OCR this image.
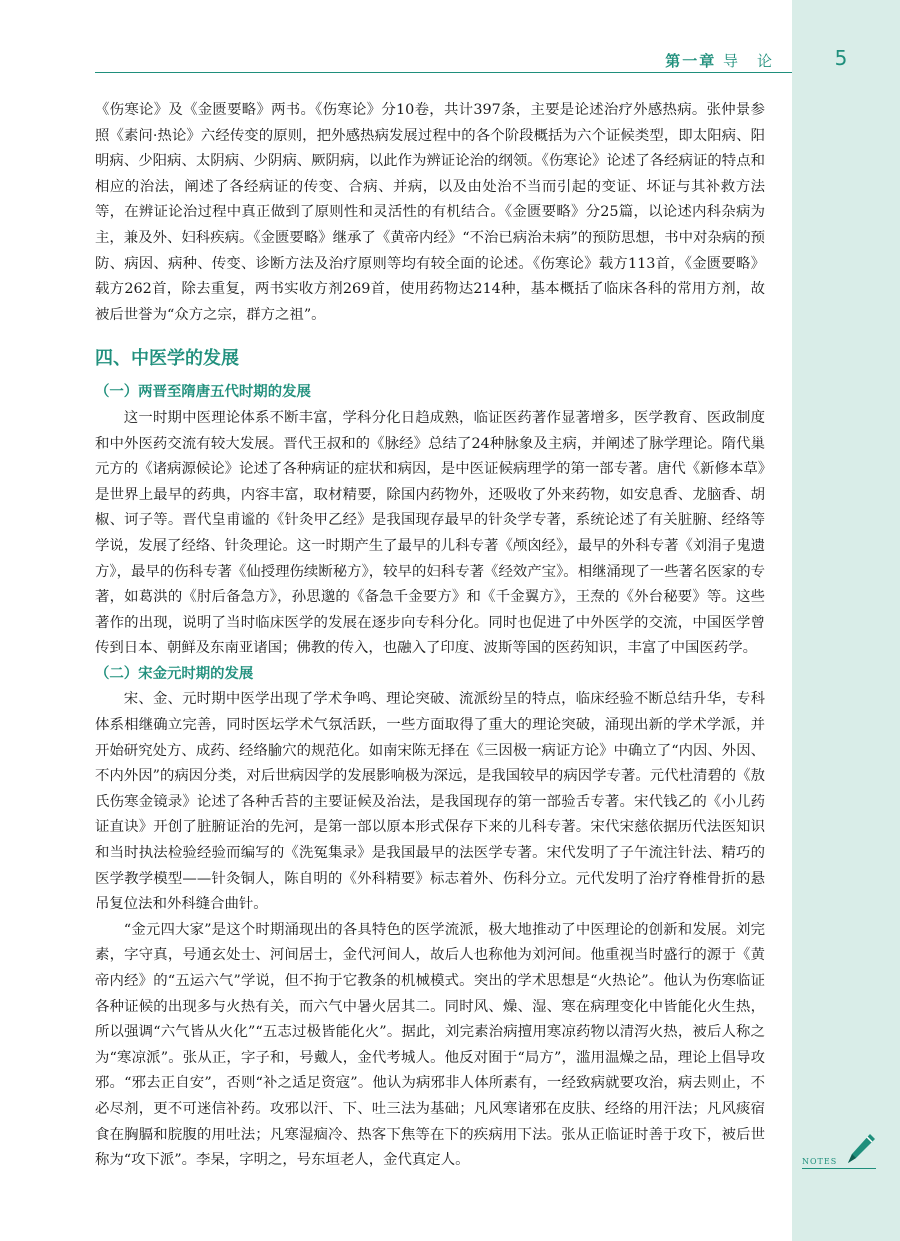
第一章 导　论	5

《伤寒论》及《金匮要略》两书。《伤寒论》分10卷，共计397条，主要是论述治疗外感热病。张仲景参照《素问·热论》六经传变的原则，把外感热病发展过程中的各个阶段概括为六个证候类型，即太阳病、阳明病、少阳病、太阴病、少阴病、厥阴病，以此作为辨证论治的纲领。《伤寒论》论述了各经病证的特点和相应的治法，阐述了各经病证的传变、合病、并病，以及由处治不当而引起的变证、坏证与其补救方法等，在辨证论治过程中真正做到了原则性和灵活性的有机结合。《金匮要略》分25篇，以论述内科杂病为主，兼及外、妇科疾病。《金匮要略》继承了《黄帝内经》“不治已病治未病”的预防思想，书中对杂病的预防、病因、病种、传变、诊断方法及治疗原则等均有较全面的论述。《伤寒论》载方113首，《金匮要略》载方262首，除去重复，两书实收方剂269首，使用药物达214种，基本概括了临床各科的常用方剂，故被后世誉为“众方之宗，群方之祖”。

四、中医学的发展
（一）两晋至隋唐五代时期的发展

这一时期中医理论体系不断丰富，学科分化日趋成熟，临证医药著作显著增多，医学教育、医政制度和中外医药交流有较大发展。晋代王叔和的《脉经》总结了24种脉象及主病，并阐述了脉学理论。隋代巢元方的《诸病源候论》论述了各种病证的症状和病因，是中医证候病理学的第一部专著。唐代《新修本草》是世界上最早的药典，内容丰富，取材精要，除国内药物外，还吸收了外来药物，如安息香、龙脑香、胡椒、诃子等。晋代皇甫谧的《针灸甲乙经》是我国现存最早的针灸学专著，系统论述了有关脏腑、经络等学说，发展了经络、针灸理论。这一时期产生了最早的儿科专著《颅囟经》，最早的外科专著《刘涓子鬼遗方》，最早的伤科专著《仙授理伤续断秘方》，较早的妇科专著《经效产宝》。相继涌现了一些著名医家的专著，如葛洪的《肘后备急方》，孙思邈的《备急千金要方》和《千金翼方》，王焘的《外台秘要》等。这些著作的出现，说明了当时临床医学的发展在逐步向专科分化。同时也促进了中外医学的交流，中国医学曾传到日本、朝鲜及东南亚诸国；佛教的传入，也融入了印度、波斯等国的医药知识，丰富了中国医药学。

（二）宋金元时期的发展

宋、金、元时期中医学出现了学术争鸣、理论突破、流派纷呈的特点，临床经验不断总结升华，专科体系相继确立完善，同时医坛学术气氛活跃，一些方面取得了重大的理论突破，涌现出新的学术学派，并开始研究处方、成药、经络腧穴的规范化。如南宋陈无择在《三因极一病证方论》中确立了“内因、外因、不内外因”的病因分类，对后世病因学的发展影响极为深远，是我国较早的病因学专著。元代杜清碧的《敖氏伤寒金镜录》论述了各种舌苔的主要证候及治法，是我国现存的第一部验舌专著。宋代钱乙的《小儿药证直诀》开创了脏腑证治的先河，是第一部以原本形式保存下来的儿科专著。宋代宋慈依据历代法医知识和当时执法检验经验而编写的《洗冤集录》是我国最早的法医学专著。宋代发明了子午流注针法、精巧的医学教学模型——针灸铜人，陈自明的《外科精要》标志着外、伤科分立。元代发明了治疗脊椎骨折的悬吊复位法和外科缝合曲针。

“金元四大家”是这个时期涌现出的各具特色的医学流派，极大地推动了中医理论的创新和发展。刘完素，字守真，号通玄处士、河间居士，金代河间人，故后人也称他为刘河间。他重视当时盛行的源于《黄帝内经》的“五运六气”学说，但不拘于它教条的机械模式。突出的学术思想是“火热论”。他认为伤寒临证各种证候的出现多与火热有关，而六气中暑火居其二。同时风、燥、湿、寒在病理变化中皆能化火生热，所以强调“六气皆从火化”“五志过极皆能化火”。据此，刘完素治病擅用寒凉药物以清泻火热，被后人称之为“寒凉派”。张从正，字子和，号戴人，金代考城人。他反对囿于“局方”，滥用温燥之品，理论上倡导攻邪。“邪去正自安”，否则“补之适足资寇”。他认为病邪非人体所素有，一经致病就要攻治，病去则止，不必尽剂，更不可迷信补药。攻邪以汗、下、吐三法为基础；凡风寒诸邪在皮肤、经络的用汗法；凡风痰宿食在胸膈和脘腹的用吐法；凡寒湿痼冷、热客下焦等在下的疾病用下法。张从正临证时善于攻下，被后世称为“攻下派”。李杲，字明之，号东垣老人，金代真定人。	NOTES
